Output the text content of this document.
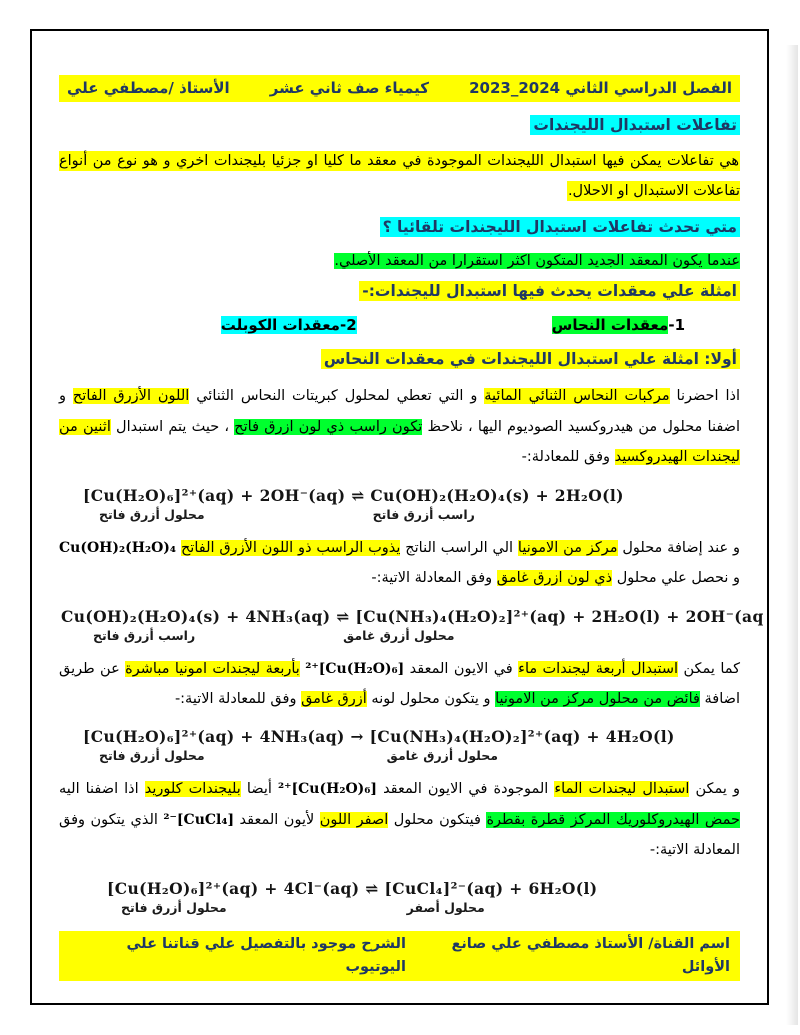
الأستاذ /مصطفي علي	كيمياء صف ثاني عشر	الفصل الدراسي الثاني 2023_2024
تفاعلات استبدال الليجندات

هي تفاعلات يمكن فيها استبدال الليجندات الموجودة في معقد ما كليا او جزئيا بليجندات اخري و هو نوع من أنواع تفاعلات الاستبدال او الاحلال.

متي تحدث تفاعلات استبدال الليجندات تلقائيا ؟
عندما يكون المعقد الجديد المتكون اكثر استقرارا من المعقد الأصلي.
امثلة علي معقدات يحدث فيها استبدال لليجندات:-
1-معقدات النحاس
2-معقدات الكوبلت
أولا: امثلة علي استبدال الليجندات في معقدات النحاس

اذا احضرنا مركبات النحاس الثنائي المائية و التي تعطي لمحلول كبريتات النحاس الثنائي اللون الأزرق الفاتح و اضفنا محلول من هيدروكسيد الصوديوم اليها ، نلاحظ تكون راسب ذي لون ازرق فاتح ، حيث يتم استبدال اثنين من ليجندات الهيدروكسيد وفق للمعادلة:-

[Cu(H₂O)₆]²⁺(aq) + 2OH⁻(aq) ⇌ Cu(OH)₂(H₂O)₄(s) + 2H₂O(l)
محلول أزرق فاتح	راسب أزرق فاتح

و عند إضافة محلول مركز من الامونيا الي الراسب الناتج يذوب الراسب ذو اللون الأزرق الفاتح Cu(OH)₂(H₂O)₄ و نحصل علي محلول ذي لون ازرق غامق وفق المعادلة الاتية:-

Cu(OH)₂(H₂O)₄(s) + 4NH₃(aq) ⇌ [Cu(NH₃)₄(H₂O)₂]²⁺(aq) + 2H₂O(l) + 2OH⁻(aq
راسب أزرق فاتح	محلول أزرق غامق

كما يمكن استبدال أربعة ليجندات ماء في الايون المعقد ²⁺[Cu(H₂O)₆] بأربعة ليجندات امونيا مباشرة عن طريق اضافة فائض من محلول مركز من الامونيا و يتكون محلول لونه أزرق غامق وفق للمعادلة الاتية:-

[Cu(H₂O)₆]²⁺(aq) + 4NH₃(aq) → [Cu(NH₃)₄(H₂O)₂]²⁺(aq) + 4H₂O(l)
محلول أزرق فاتح	محلول أزرق غامق

و يمكن استبدال ليجندات الماء الموجودة في الايون المعقد ²⁺[Cu(H₂O)₆] أيضا بليجندات كلوريد اذا اضفنا اليه حمض الهيدروكلوريك المركز قطرة بقطرة فيتكون محلول اصفر اللون لأيون المعقد ²⁻[CuCl₄] الذي يتكون وفق المعادلة الاتية:-

[Cu(H₂O)₆]²⁺(aq) + 4Cl⁻(aq) ⇌ [CuCl₄]²⁻(aq) + 6H₂O(l)
محلول أزرق فاتح	محلول أصفر
الشرح موجود بالتفصيل علي قناتنا علي اليوتيوب
اسم القناة/ الأستاذ مصطفي علي صانع الأوائل
